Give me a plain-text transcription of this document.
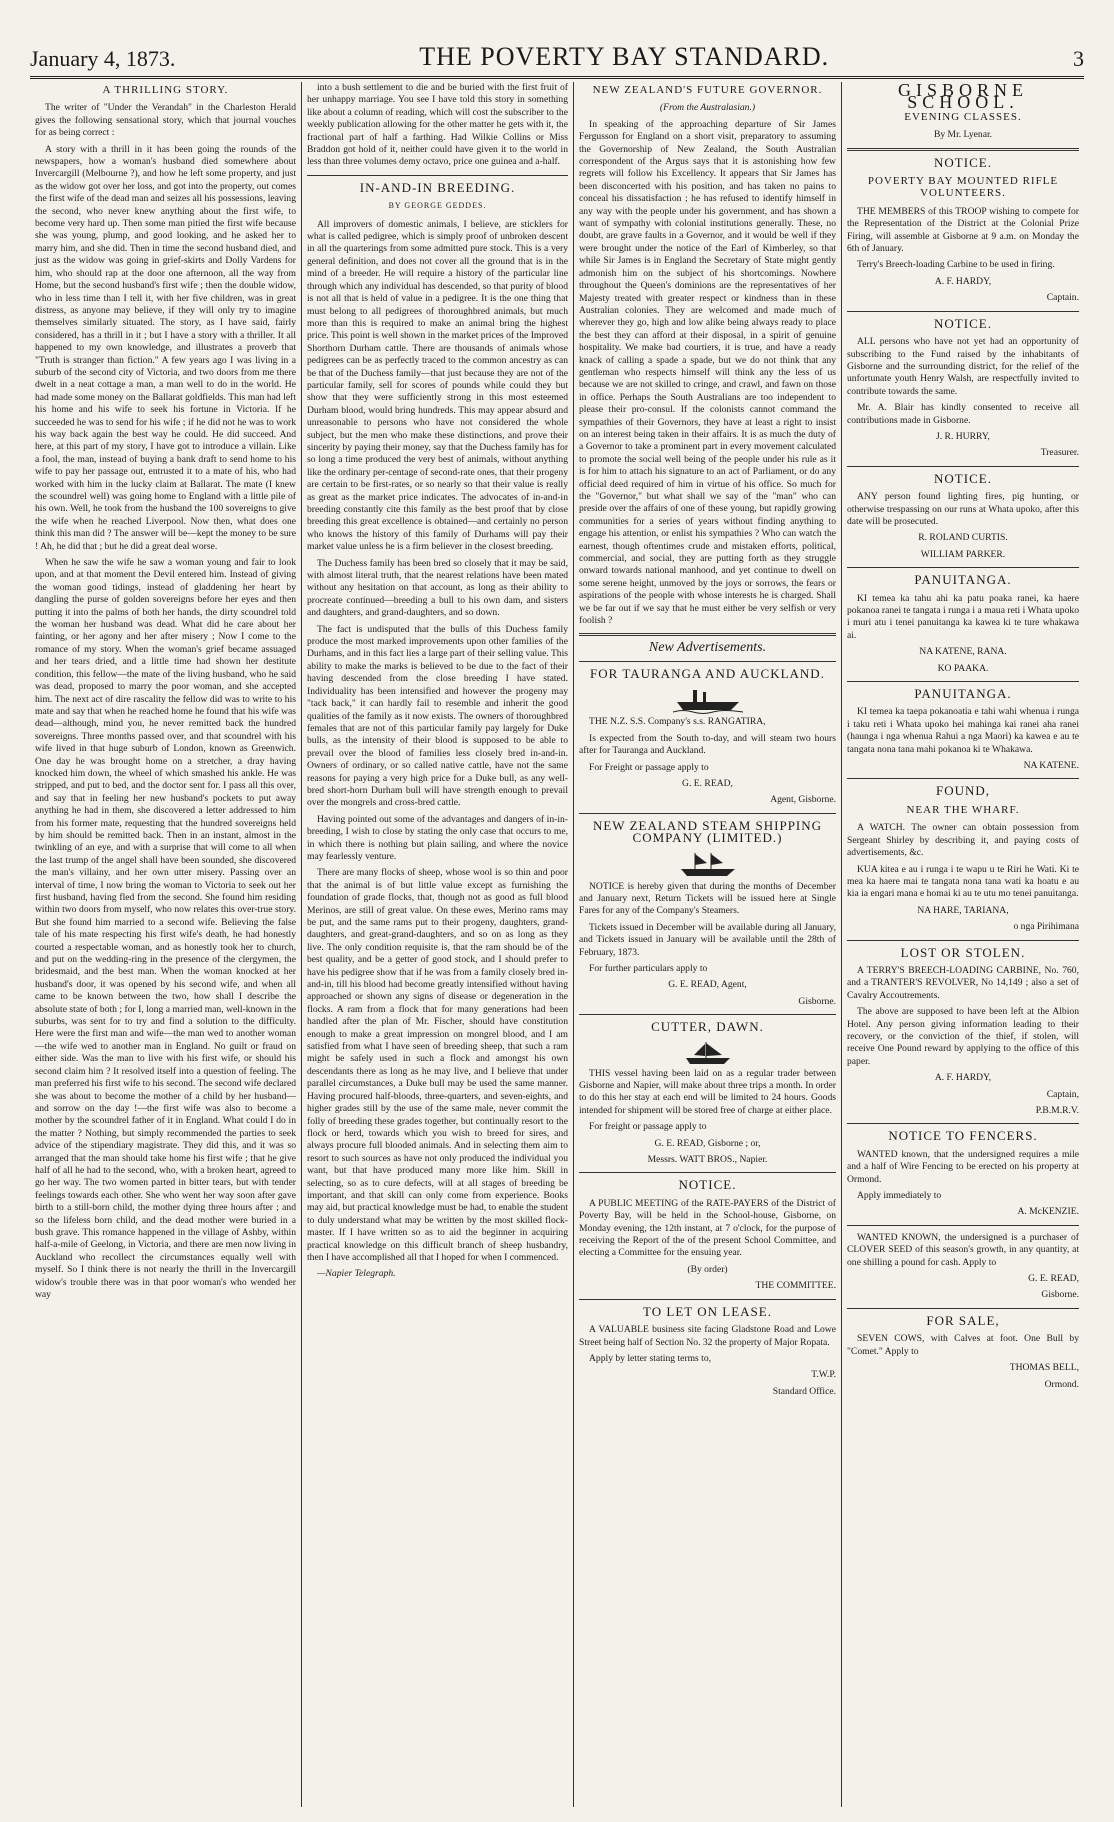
January 4, 1873.	THE POVERTY BAY STANDARD.	3
A THRILLING STORY.

The writer of "Under the Verandah" in the Charleston Herald gives the following sensational story, which that journal vouches for as being correct :

A story with a thrill in it has been going the rounds of the newspapers, how a woman's husband died somewhere about Invercargill (Melbourne ?), and how he left some property, and just as the widow got over her loss, and got into the property, out comes the first wife of the dead man and seizes all his possessions, leaving the second, who never knew anything about the first wife, to become very hard up. Then some man pitied the first wife because she was young, plump, and good looking, and he asked her to marry him, and she did. Then in time the second husband died, and just as the widow was going in grief-skirts and Dolly Vardens for him, who should rap at the door one afternoon, all the way from Home, but the second husband's first wife ; then the double widow, who in less time than I tell it, with her five children, was in great distress, as anyone may believe, if they will only try to imagine themselves similarly situated. The story, as I have said, fairly considered, has a thrill in it ; but I have a story with a thriller. It all happened to my own knowledge, and illustrates a proverb that "Truth is stranger than fiction." A few years ago I was living in a suburb of the second city of Victoria, and two doors from me there dwelt in a neat cottage a man, a man well to do in the world. He had made some money on the Ballarat goldfields. This man had left his home and his wife to seek his fortune in Victoria. If he succeeded he was to send for his wife ; if he did not he was to work his way back again the best way he could. He did succeed. And here, at this part of my story, I have got to introduce a villain. Like a fool, the man, instead of buying a bank draft to send home to his wife to pay her passage out, entrusted it to a mate of his, who had worked with him in the lucky claim at Ballarat. The mate (I knew the scoundrel well) was going home to England with a little pile of his own. Well, he took from the husband the 100 sovereigns to give the wife when he reached Liverpool. Now then, what does one think this man did ? The answer will be—kept the money to be sure ! Ah, he did that ; but he did a great deal worse.

When he saw the wife he saw a woman young and fair to look upon, and at that moment the Devil entered him. Instead of giving the woman good tidings, instead of gladdening her heart by dangling the purse of golden sovereigns before her eyes and then putting it into the palms of both her hands, the dirty scoundrel told the woman her husband was dead. What did he care about her fainting, or her agony and her after misery ; Now I come to the romance of my story. When the woman's grief became assuaged and her tears dried, and a little time had shown her destitute condition, this fellow—the mate of the living husband, who he said was dead, proposed to marry the poor woman, and she accepted him. The next act of dire rascality the fellow did was to write to his mate and say that when he reached home he found that his wife was dead—although, mind you, he never remitted back the hundred sovereigns. Three months passed over, and that scoundrel with his wife lived in that huge suburb of London, known as Greenwich. One day he was brought home on a stretcher, a dray having knocked him down, the wheel of which smashed his ankle. He was stripped, and put to bed, and the doctor sent for. I pass all this over, and say that in feeling her new husband's pockets to put away anything he had in them, she discovered a letter addressed to him from his former mate, requesting that the hundred sovereigns held by him should be remitted back. Then in an instant, almost in the twinkling of an eye, and with a surprise that will come to all when the last trump of the angel shall have been sounded, she discovered the man's villainy, and her own utter misery. Passing over an interval of time, I now bring the woman to Victoria to seek out her first husband, having fled from the second. She found him residing within two doors from myself, who now relates this over-true story. But she found him married to a second wife. Believing the false tale of his mate respecting his first wife's death, he had honestly courted a respectable woman, and as honestly took her to church, and put on the wedding-ring in the presence of the clergymen, the bridesmaid, and the best man. When the woman knocked at her husband's door, it was opened by his second wife, and when all came to be known between the two, how shall I describe the absolute state of both ; for I, long a married man, well-known in the suburbs, was sent for to try and find a solution to the difficulty. Here were the first man and wife—the man wed to another woman—the wife wed to another man in England. No guilt or fraud on either side. Was the man to live with his first wife, or should his second claim him ? It resolved itself into a question of feeling. The man preferred his first wife to his second. The second wife declared she was about to become the mother of a child by her husband—and sorrow on the day !—the first wife was also to become a mother by the scoundrel father of it in England. What could I do in the matter ? Nothing, but simply recommended the parties to seek advice of the stipendiary magistrate. They did this, and it was so arranged that the man should take home his first wife ; that he give half of all he had to the second, who, with a broken heart, agreed to go her way. The two women parted in bitter tears, but with tender feelings towards each other. She who went her way soon after gave birth to a still-born child, the mother dying three hours after ; and so the lifeless born child, and the dead mother were buried in a bush grave. This romance happened in the village of Ashby, within half-a-mile of Geelong, in Victoria, and there are men now living in Auckland who recollect the circumstances equally well with myself. So I think there is not nearly the thrill in the Invercargill widow's trouble there was in that poor woman's who wended her way

into a bush settlement to die and be buried with the first fruit of her unhappy marriage. You see I have told this story in something like about a column of reading, which will cost the subscriber to the weekly publication allowing for the other matter he gets with it, the fractional part of half a farthing. Had Wilkie Collins or Miss Braddon got hold of it, neither could have given it to the world in less than three volumes demy octavo, price one guinea and a-half.

IN-AND-IN BREEDING.
BY GEORGE GEDDES.

All improvers of domestic animals, I believe, are sticklers for what is called pedigree, which is simply proof of unbroken descent in all the quarterings from some admitted pure stock. This is a very general definition, and does not cover all the ground that is in the mind of a breeder. He will require a history of the particular line through which any individual has descended, so that purity of blood is not all that is held of value in a pedigree. It is the one thing that must belong to all pedigrees of thoroughbred animals, but much more than this is required to make an animal bring the highest price. This point is well shown in the market prices of the Improved Shorthorn Durham cattle. There are thousands of animals whose pedigrees can be as perfectly traced to the common ancestry as can be that of the Duchess family—that just because they are not of the particular family, sell for scores of pounds while could they but show that they were sufficiently strong in this most esteemed Durham blood, would bring hundreds. This may appear absurd and unreasonable to persons who have not considered the whole subject, but the men who make these distinctions, and prove their sincerity by paying their money, say that the Duchess family has for so long a time produced the very best of animals, without anything like the ordinary per-centage of second-rate ones, that their progeny are certain to be first-rates, or so nearly so that their value is really as great as the market price indicates. The advocates of in-and-in breeding constantly cite this family as the best proof that by close breeding this great excellence is obtained—and certainly no person who knows the history of this family of Durhams will pay their market value unless he is a firm believer in the closest breeding.

The Duchess family has been bred so closely that it may be said, with almost literal truth, that the nearest relations have been mated without any hesitation on that account, as long as their ability to procreate continued—breeding a bull to his own dam, and sisters and daughters, and grand-daughters, and so down.

The fact is undisputed that the bulls of this Duchess family produce the most marked improvements upon other families of the Durhams, and in this fact lies a large part of their selling value. This ability to make the marks is believed to be due to the fact of their having descended from the close breeding I have stated. Individuality has been intensified and however the progeny may "tack back," it can hardly fail to resemble and inherit the good qualities of the family as it now exists. The owners of thoroughbred females that are not of this particular family pay largely for Duke bulls, as the intensity of their blood is supposed to be able to prevail over the blood of families less closely bred in-and-in. Owners of ordinary, or so called native cattle, have not the same reasons for paying a very high price for a Duke bull, as any well-bred short-horn Durham bull will have strength enough to prevail over the mongrels and cross-bred cattle.

Having pointed out some of the advantages and dangers of in-in-breeding, I wish to close by stating the only case that occurs to me, in which there is nothing but plain sailing, and where the novice may fearlessly venture.

There are many flocks of sheep, whose wool is so thin and poor that the animal is of but little value except as furnishing the foundation of grade flocks, that, though not as good as full blood Merinos, are still of great value. On these ewes, Merino rams may be put, and the same rams put to their progeny, daughters, grand-daughters, and great-grand-daughters, and so on as long as they live. The only condition requisite is, that the ram should be of the best quality, and be a getter of good stock, and I should prefer to have his pedigree show that if he was from a family closely bred in-and-in, till his blood had become greatly intensified without having approached or shown any signs of disease or degeneration in the flocks. A ram from a flock that for many generations had been handled after the plan of Mr. Fischer, should have constitution enough to make a great impression on mongrel blood, and I am satisfied from what I have seen of breeding sheep, that such a ram might be safely used in such a flock and amongst his own descendants there as long as he may live, and I believe that under parallel circumstances, a Duke bull may be used the same manner. Having procured half-bloods, three-quarters, and seven-eights, and higher grades still by the use of the same male, never commit the folly of breeding these grades together, but continually resort to the flock or herd, towards which you wish to breed for sires, and always procure full blooded animals. And in selecting them aim to resort to such sources as have not only produced the individual you want, but that have produced many more like him. Skill in selecting, so as to cure defects, will at all stages of breeding be important, and that skill can only come from experience. Books may aid, but practical knowledge must be had, to enable the student to duly understand what may be written by the most skilled flock-master. If I have written so as to aid the beginner in acquiring practical knowledge on this difficult branch of sheep husbandry, then I have accomplished all that I hoped for when I commenced.

—Napier Telegraph.

NEW ZEALAND'S FUTURE GOVERNOR.

(From the Australasian.)

In speaking of the approaching departure of Sir James Fergusson for England on a short visit, preparatory to assuming the Governorship of New Zealand, the South Australian correspondent of the Argus says that it is astonishing how few regrets will follow his Excellency. It appears that Sir James has been disconcerted with his position, and has taken no pains to conceal his dissatisfaction ; he has refused to identify himself in any way with the people under his government, and has shown a want of sympathy with colonial institutions generally. These, no doubt, are grave faults in a Governor, and it would be well if they were brought under the notice of the Earl of Kimberley, so that while Sir James is in England the Secretary of State might gently admonish him on the subject of his shortcomings. Nowhere throughout the Queen's dominions are the representatives of her Majesty treated with greater respect or kindness than in these Australian colonies. They are welcomed and made much of wherever they go, high and low alike being always ready to place the best they can afford at their disposal, in a spirit of genuine hospitality. We make bad courtiers, it is true, and have a ready knack of calling a spade a spade, but we do not think that any gentleman who respects himself will think any the less of us because we are not skilled to cringe, and crawl, and fawn on those in office. Perhaps the South Australians are too independent to please their pro-consul. If the colonists cannot command the sympathies of their Governors, they have at least a right to insist on an interest being taken in their affairs. It is as much the duty of a Governor to take a prominent part in every movement calculated to promote the social well being of the people under his rule as it is for him to attach his signature to an act of Parliament, or do any official deed required of him in virtue of his office. So much for the "Governor," but what shall we say of the "man" who can preside over the affairs of one of these young, but rapidly growing communities for a series of years without finding anything to engage his attention, or enlist his sympathies ? Who can watch the earnest, though oftentimes crude and mistaken efforts, political, commercial, and social, they are putting forth as they struggle onward towards national manhood, and yet continue to dwell on some serene height, unmoved by the joys or sorrows, the fears or aspirations of the people with whose interests he is charged. Shall we be far out if we say that he must either be very selfish or very foolish ?

New Advertisements.
FOR TAURANGA AND AUCKLAND.

THE N.Z. S.S. Company's s.s. RANGATIRA,

Is expected from the South to-day, and will steam two hours after for Tauranga and Auckland.

For Freight or passage apply to

G. E. READ,

Agent, Gisborne.

NEW ZEALAND STEAM SHIPPING COMPANY (LIMITED.)

NOTICE is hereby given that during the months of December and January next, Return Tickets will be issued here at Single Fares for any of the Company's Steamers.

Tickets issued in December will be available during all January, and Tickets issued in January will be available until the 28th of February, 1873.

For further particulars apply to

G. E. READ, Agent,

Gisborne.

CUTTER, DAWN.

THIS vessel having been laid on as a regular trader between Gisborne and Napier, will make about three trips a month. In order to do this her stay at each end will be limited to 24 hours. Goods intended for shipment will be stored free of charge at either place.

For freight or passage apply to

G. E. READ, Gisborne ; or,

Messrs. WATT BROS., Napier.

NOTICE.

A PUBLIC MEETING of the RATE-PAYERS of the District of Poverty Bay, will be held in the School-house, Gisborne, on Monday evening, the 12th instant, at 7 o'clock, for the purpose of receiving the Report of the of the present School Committee, and electing a Committee for the ensuing year.

(By order)

THE COMMITTEE.

TO LET ON LEASE.

A VALUABLE business site facing Gladstone Road and Lowe Street being half of Section No. 32 the property of Major Ropata.

Apply by letter stating terms to,

T.W.P.

Standard Office.

GISBORNE SCHOOL.
EVENING CLASSES.

By Mr. Lyenar.

NOTICE.
POVERTY BAY MOUNTED RIFLE VOLUNTEERS.

THE MEMBERS of this TROOP wishing to compete for the Representation of the District at the Colonial Prize Firing, will assemble at Gisborne at 9 a.m. on Monday the 6th of January.

Terry's Breech-loading Carbine to be used in firing.

A. F. HARDY,

Captain.

NOTICE.

ALL persons who have not yet had an opportunity of subscribing to the Fund raised by the inhabitants of Gisborne and the surrounding district, for the relief of the unfortunate youth Henry Walsh, are respectfully invited to contribute towards the same.

Mr. A. Blair has kindly consented to receive all contributions made in Gisborne.

J. R. HURRY,

Treasurer.

NOTICE.

ANY person found lighting fires, pig hunting, or otherwise trespassing on our runs at Whata upoko, after this date will be prosecuted.

R. ROLAND CURTIS.

WILLIAM PARKER.

PANUITANGA.

KI temea ka tahu ahi ka patu poaka ranei, ka haere pokanoa ranei te tangata i runga i a maua reti i Whata upoko i muri atu i tenei panuitanga ka kawea ki te ture whakawa ai.

NA KATENE, RANA.

KO PAAKA.

PANUITANGA.

KI temea ka taepa pokanoatia e tahi wahi whenua i runga i taku reti i Whata upoko hei mahinga kai ranei aha ranei (haunga i nga whenua Rahui a nga Maori) ka kawea e au te tangata nona tana mahi pokanoa ki te Whakawa.

NA KATENE.

FOUND,
NEAR THE WHARF.

A WATCH. The owner can obtain possession from Sergeant Shirley by describing it, and paying costs of advertisements, &c.

KUA kitea e au i runga i te wapu u te Riri he Wati. Ki te mea ka haere mai te tangata nona tana wati ka hoatu e au kia ia engari mana e homai ki au te utu mo tenei panuitanga.

NA HARE, TARIANA,

o nga Pirihimana

LOST OR STOLEN.

A TERRY'S BREECH-LOADING CARBINE, No. 760, and a TRANTER'S REVOLVER, No 14,149 ; also a set of Cavalry Accoutrements.

The above are supposed to have been left at the Albion Hotel. Any person giving information leading to their recovery, or the conviction of the thief, if stolen, will receive One Pound reward by applying to the office of this paper.

A. F. HARDY,

Captain,

P.B.M.R.V.

NOTICE TO FENCERS.

WANTED known, that the undersigned requires a mile and a half of Wire Fencing to be erected on his property at Ormond.

Apply immediately to

A. McKENZIE.

WANTED KNOWN, the undersigned is a purchaser of CLOVER SEED of this season's growth, in any quantity, at one shilling a pound for cash. Apply to

G. E. READ,

Gisborne.

FOR SALE,

SEVEN COWS, with Calves at foot. One Bull by "Comet." Apply to

THOMAS BELL,

Ormond.
